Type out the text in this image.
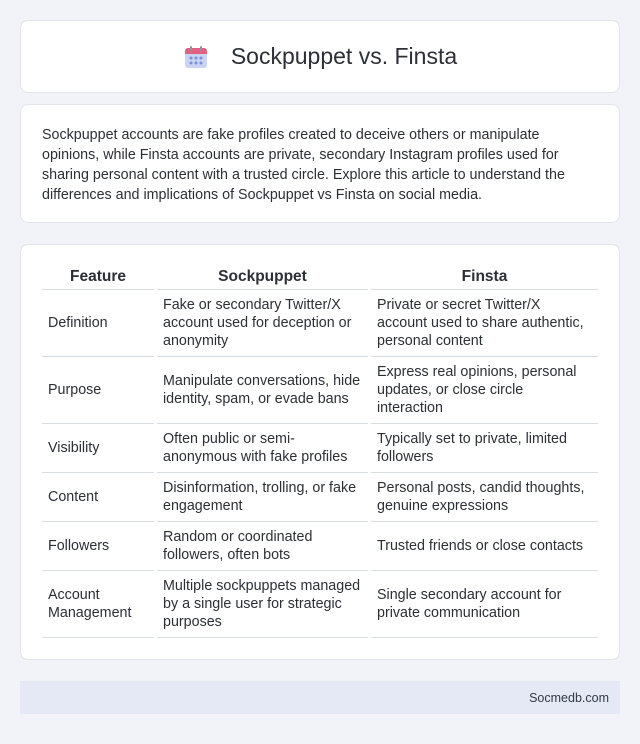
Sockpuppet vs. Finsta

Sockpuppet accounts are fake profiles created to deceive others or manipulate opinions, while Finsta accounts are private, secondary Instagram profiles used for sharing personal content with a trusted circle. Explore this article to understand the differences and implications of Sockpuppet vs Finsta on social media.

Feature	Sockpuppet	Finsta
Definition	Fake or secondary Twitter/X account used for deception or anonymity	Private or secret Twitter/X account used to share authentic, personal content
Purpose	Manipulate conversations, hide identity, spam, or evade bans	Express real opinions, personal updates, or close circle interaction
Visibility	Often public or semi-anonymous with fake profiles	Typically set to private, limited followers
Content	Disinformation, trolling, or fake engagement	Personal posts, candid thoughts, genuine expressions
Followers	Random or coordinated followers, often bots	Trusted friends or close contacts
Account Management	Multiple sockpuppets managed by a single user for strategic purposes	Single secondary account for private communication
Socmedb.com
